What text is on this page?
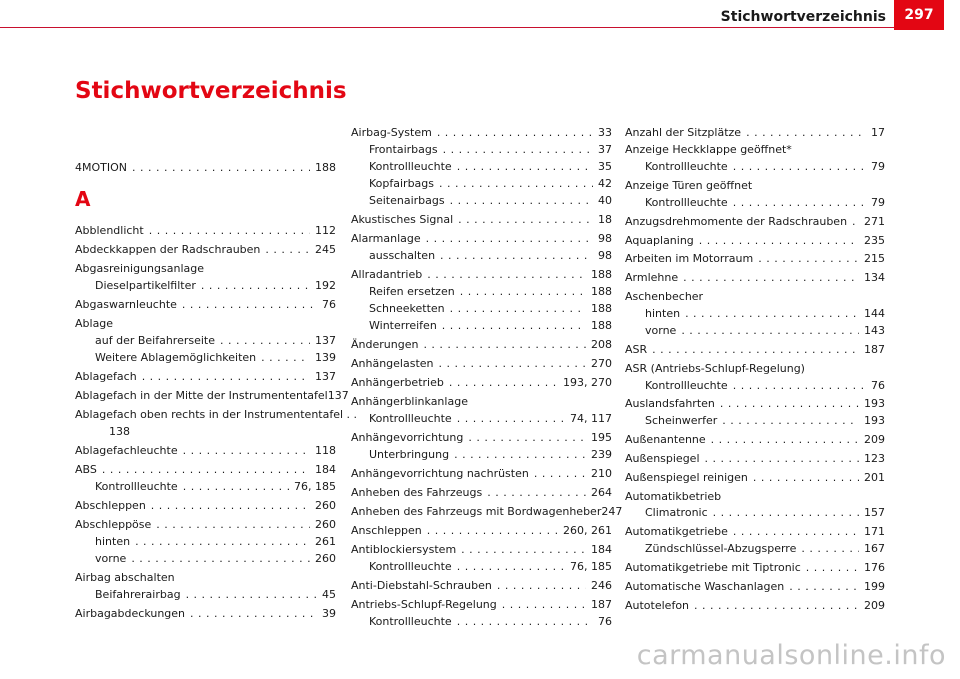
Stichwortverzeichnis	297
Stichwortverzeichnis
4MOTION . . .	188
A
Abblendlicht . . .	112
Abdeckkappen der Radschrauben . . .	245
Abgasreinigungsanlage
Dieselpartikelfilter . . .	192
Abgaswarnleuchte . . .	76
Ablage
auf der Beifahrerseite . . .	137
Weitere Ablagemöglichkeiten . . .	139
Ablagefach . . .	137
Ablagefach in der Mitte der Instrumententafel 137
Ablagefach oben rechts in der Instrumententafel . .
138
Ablagefachleuchte . . .	118
ABS . . .	184
Kontrollleuchte . . .	76, 185
Abschleppen . . .	260
Abschleppöse . . .	260
hinten . . .	261
vorne . . .	260
Airbag abschalten
Beifahrerairbag . . .	45
Airbagabdeckungen . . .	39
Airbag-System . . .	33
Frontairbags . . .	37
Kontrollleuchte . . .	35
Kopfairbags . . .	42
Seitenairbags . . .	40
Akustisches Signal . . .	18
Alarmanlage . . .	98
ausschalten . . .	98
Allradantrieb . . .	188
Reifen ersetzen . . .	188
Schneeketten . . .	188
Winterreifen . . .	188
Änderungen . . .	208
Anhängelasten . . .	270
Anhängerbetrieb . . .	193, 270
Anhängerblinkanlage
Kontrollleuchte . . .	74, 117
Anhängevorrichtung . . .	195
Unterbringung . . .	239
Anhängevorrichtung nachrüsten . . .	210
Anheben des Fahrzeugs . . .	264
Anheben des Fahrzeugs mit Bordwagenheber 247
Anschleppen . . .	260, 261
Antiblockiersystem . . .	184
Kontrollleuchte . . .	76, 185
Anti-Diebstahl-Schrauben . . .	246
Antriebs-Schlupf-Regelung . . .	187
Kontrollleuchte . . .	76
Anzahl der Sitzplätze . . .	17
Anzeige Heckklappe geöffnet*
Kontrollleuchte . . .	79
Anzeige Türen geöffnet
Kontrollleuchte . . .	79
Anzugsdrehmomente der Radschrauben . . . 271
Aquaplaning . . .	235
Arbeiten im Motorraum . . .	215
Armlehne . . .	134
Aschenbecher
hinten . . .	144
vorne . . .	143
ASR . . .	187
ASR (Antriebs-Schlupf-Regelung)
Kontrollleuchte . . .	76
Auslandsfahrten . . .	193
Scheinwerfer . . .	193
Außenantenne . . .	209
Außenspiegel . . .	123
Außenspiegel reinigen . . .	201
Automatikbetrieb
Climatronic . . .	157
Automatikgetriebe . . .	171
Zündschlüssel-Abzugsperre . . .	167
Automatikgetriebe mit Tiptronic . . .	176
Automatische Waschanlagen . . .	199
Autotelefon . . .	209
carmanualsonline.info
